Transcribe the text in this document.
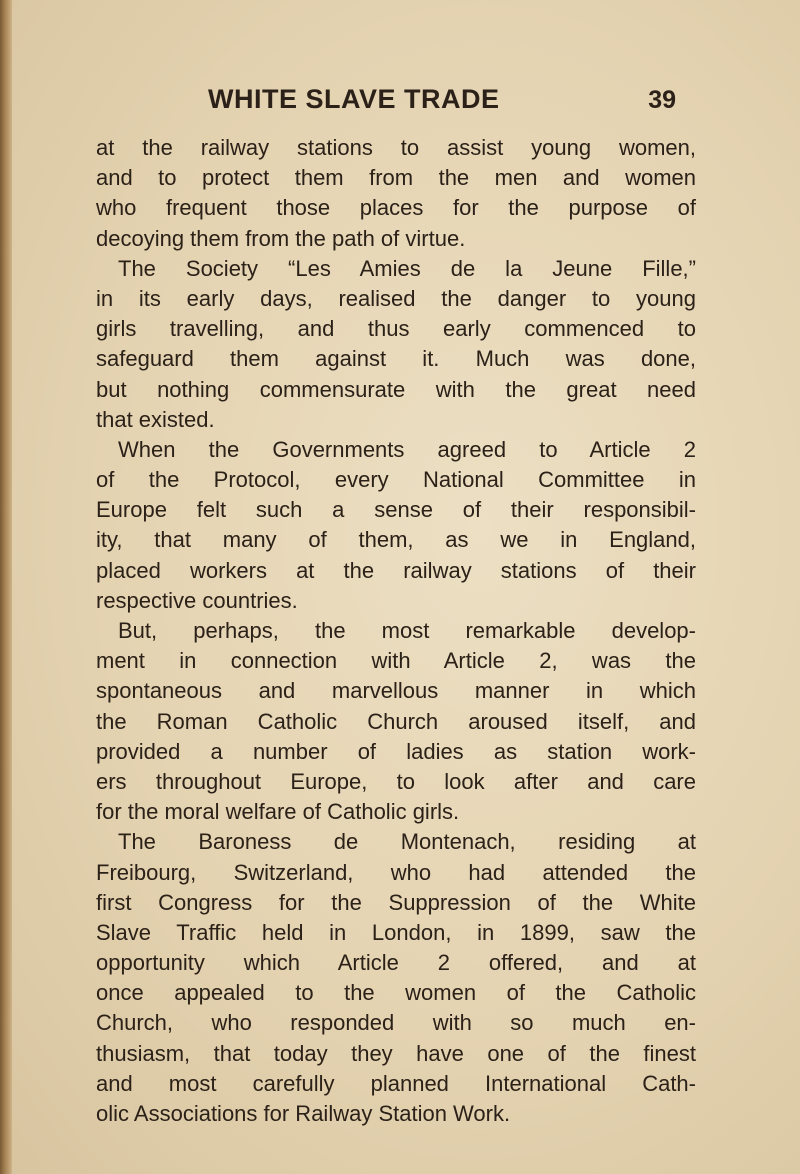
WHITE SLAVE TRADE	39
at the railway stations to assist young women,
and to protect them from the men and women
who frequent those places for the purpose of
decoying them from the path of virtue.
The Society “Les Amies de la Jeune Fille,”
in its early days, realised the danger to young
girls travelling, and thus early commenced to
safeguard them against it. Much was done,
but nothing commensurate with the great need
that existed.
When the Governments agreed to Article 2
of the Protocol, every National Committee in
Europe felt such a sense of their responsibil-
ity, that many of them, as we in England,
placed workers at the railway stations of their
respective countries.
But, perhaps, the most remarkable develop-
ment in connection with Article 2, was the
spontaneous and marvellous manner in which
the Roman Catholic Church aroused itself, and
provided a number of ladies as station work-
ers throughout Europe, to look after and care
for the moral welfare of Catholic girls.
The Baroness de Montenach, residing at
Freibourg, Switzerland, who had attended the
first Congress for the Suppression of the White
Slave Traffic held in London, in 1899, saw the
opportunity which Article 2 offered, and at
once appealed to the women of the Catholic
Church, who responded with so much en-
thusiasm, that today they have one of the finest
and most carefully planned International Cath-
olic Associations for Railway Station Work.
